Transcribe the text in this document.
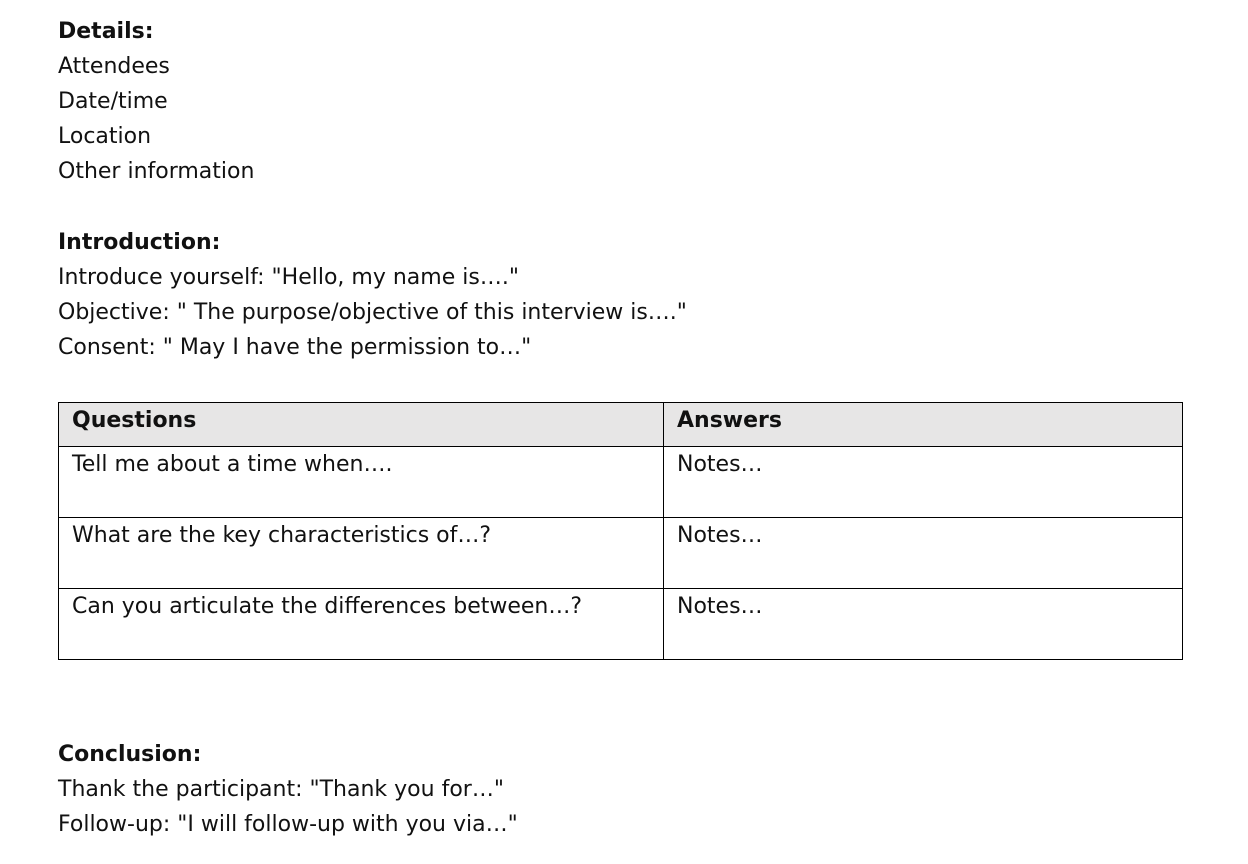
Details:
Attendees
Date/time
Location
Other information
Introduction:
Introduce yourself: "Hello, my name is…."
Objective: " The purpose/objective of this interview is…."
Consent: " May I have the permission to…"
Questions	Answers
Tell me about a time when….	Notes…
What are the key characteristics of…?	Notes…
Can you articulate the differences between…?	Notes…
Conclusion:
Thank the participant: "Thank you for…"
Follow-up: "I will follow-up with you via…"
